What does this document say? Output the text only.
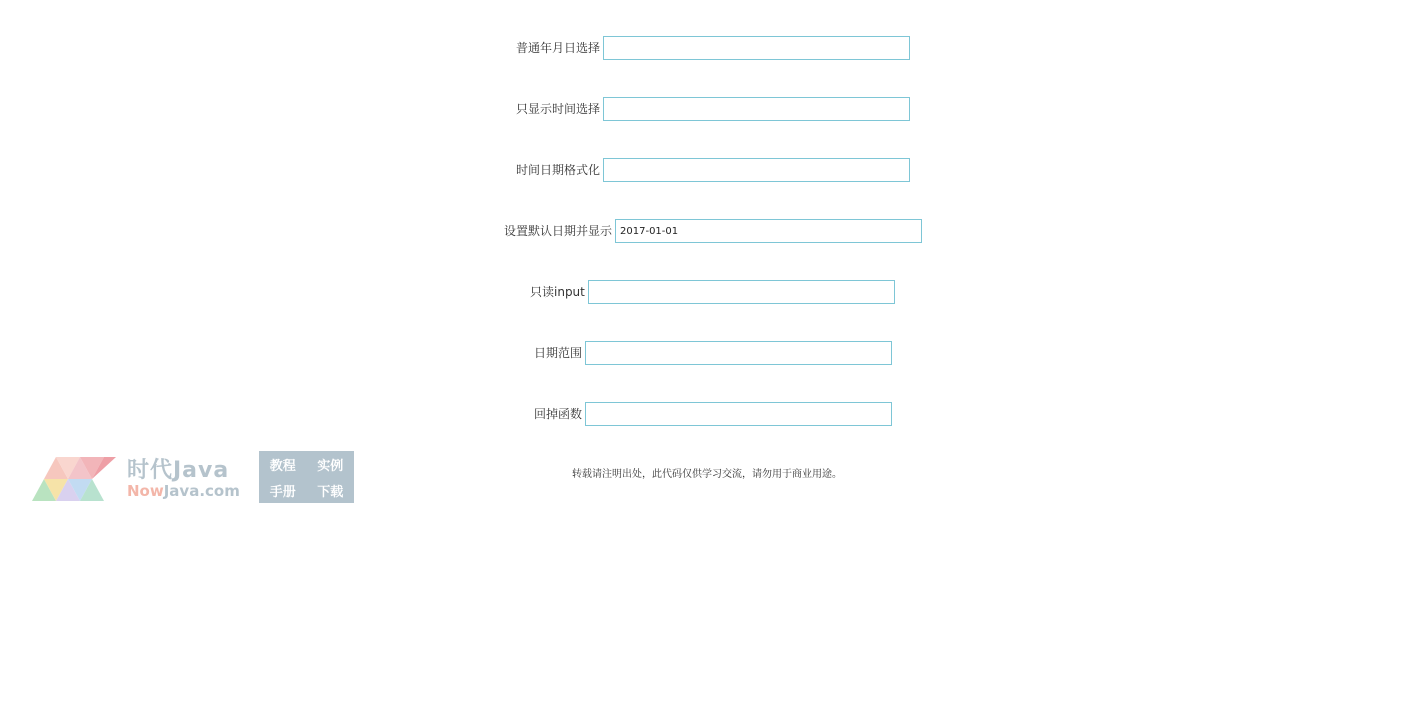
普通年月日选择
只显示时间选择
时间日期格式化
设置默认日期并显示
2017-01-01
只读input
日期范围
回掉函数
转载请注明出处，此代码仅供学习交流，请勿用于商业用途。
时代Java
NowJava.com
教程 实例
手册 下载
